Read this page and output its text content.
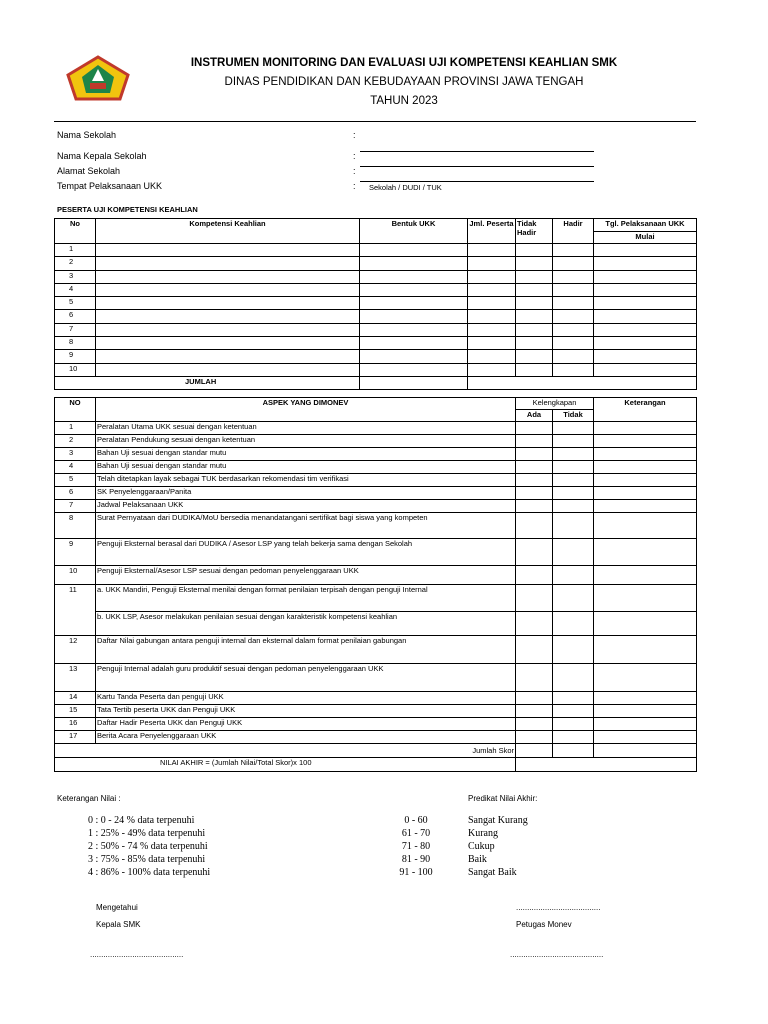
INSTRUMEN MONITORING DAN EVALUASI UJI KOMPETENSI KEAHLIAN SMK
DINAS PENDIDIKAN DAN KEBUDAYAAN PROVINSI JAWA TENGAH
TAHUN 2023
Nama Sekolah	:
Nama Kepala Sekolah	:
Alamat Sekolah	:
Tempat Pelaksanaan UKK	: Sekolah / DUDI / TUK
PESERTA UJI KOMPETENSI KEAHLIAN
No	Kompetensi Keahlian	Bentuk UKK	Jml. Peserta	Tidak Hadir	Hadir	Tgl. Pelaksanaan UKK
						Mulai
1						
2						
3						
4						
5						
6						
7						
8						
9						
10						
JUMLAH						
NO	ASPEK YANG DIMONEV	Kelengkapan		Keterangan
		Ada	Tidak	
1	Peralatan Utama UKK sesuai dengan ketentuan			
2	Peralatan Pendukung sesuai dengan ketentuan			
3	Bahan Uji sesuai dengan standar mutu			
4	Bahan Uji sesuai dengan standar mutu			
5	Telah ditetapkan layak sebagai TUK berdasarkan rekomendasi tim verifikasi			
6	SK Penyelenggaraan/Panita			
7	Jadwal Pelaksanaan UKK			
8	Surat Pernyataan dari DUDIKA/MoU bersedia menandatangani sertifikat bagi siswa yang kompeten			
9	Penguji Eksternal berasal dari DUDIKA / Asesor LSP yang telah bekerja sama dengan Sekolah			
10	Penguji Eksternal/Asesor LSP sesuai dengan pedoman penyelenggaraan UKK			
11	a. UKK Mandiri, Penguji Eksternal menilai dengan format penilaian terpisah dengan penguji Internal			
	b. UKK LSP, Asesor melakukan penilaian sesuai dengan karakteristik kompetensi keahlian			
12	Daftar Nilai gabungan antara penguji internal dan eksternal dalam format penilaian gabungan			
13	Penguji Internal adalah guru produktif sesuai dengan pedoman penyelenggaraan UKK			
14	Kartu Tanda Peserta dan penguji UKK			
15	Tata Tertib peserta UKK dan Penguji UKK			
16	Daftar Hadir Peserta UKK dan Penguji UKK			
17	Berita Acara Penyelenggaraan UKK			
	Jumlah Skor			
NILAI AKHIR = (Jumlah Nilai/Total Skor)x 100				
Keterangan Nilai :	Predikat Nilai Akhir:
0 : 0 - 24 % data terpenuhi	0 - 60	Sangat Kurang
1 : 25% - 49% data terpenuhi	61 - 70	Kurang
2 : 50% - 74 % data terpenuhi	71 - 80	Cukup
3 : 75% - 85% data terpenuhi	81 - 90	Baik
4 : 86% - 100% data terpenuhi	91 - 100	Sangat Baik
Mengetahui
Kepala SMK
......................................
Petugas Monev
..........................................	..........................................
